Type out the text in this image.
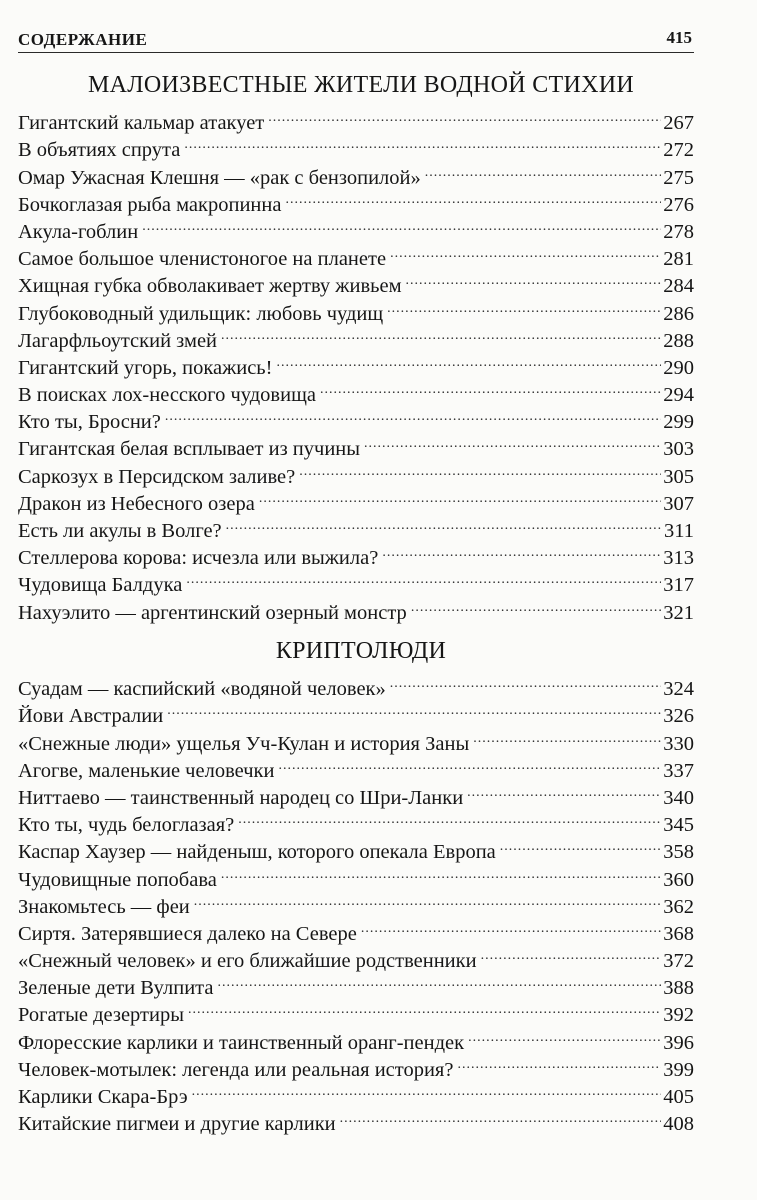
СОДЕРЖАНИЕ	415
МАЛОИЗВЕСТНЫЕ ЖИТЕЛИ ВОДНОЙ СТИХИИ
Гигантский кальмар атакует .....	267
В объятиях спрута .....	272
Омар Ужасная Клешня — «рак с бензопилой» .....	275
Бочкоглазая рыба макропинна .....	276
Акула-гоблин .....	278
Самое большое членистоногое на планете .....	281
Хищная губка обволакивает жертву живьем .....	284
Глубоководный удильщик: любовь чудищ .....	286
Лагарфльоутский змей .....	288
Гигантский угорь, покажись! .....	290
В поисках лох-несского чудовища .....	294
Кто ты, Бросни? .....	299
Гигантская белая всплывает из пучины .....	303
Саркозух в Персидском заливе? .....	305
Дракон из Небесного озера .....	307
Есть ли акулы в Волге? .....	311
Стеллерова корова: исчезла или выжила? .....	313
Чудовища Балдука .....	317
Нахуэлито — аргентинский озерный монстр .....	321
КРИПТОЛЮДИ
Суадам — каспийский «водяной человек» .....	324
Йови Австралии .....	326
«Снежные люди» ущелья Уч-Кулан и история Заны .....	330
Агогве, маленькие человечки .....	337
Ниттаево — таинственный народец со Шри-Ланки .....	340
Кто ты, чудь белоглазая? .....	345
Каспар Хаузер — найденыш, которого опекала Европа .....	358
Чудовищные попобава .....	360
Знакомьтесь — феи .....	362
Сиртя. Затерявшиеся далеко на Севере .....	368
«Снежный человек» и его ближайшие родственники .....	372
Зеленые дети Вулпита .....	388
Рогатые дезертиры .....	392
Флоресские карлики и таинственный оранг-пендек .....	396
Человек-мотылек: легенда или реальная история? .....	399
Карлики Скара-Брэ .....	405
Китайские пигмеи и другие карлики .....	408
